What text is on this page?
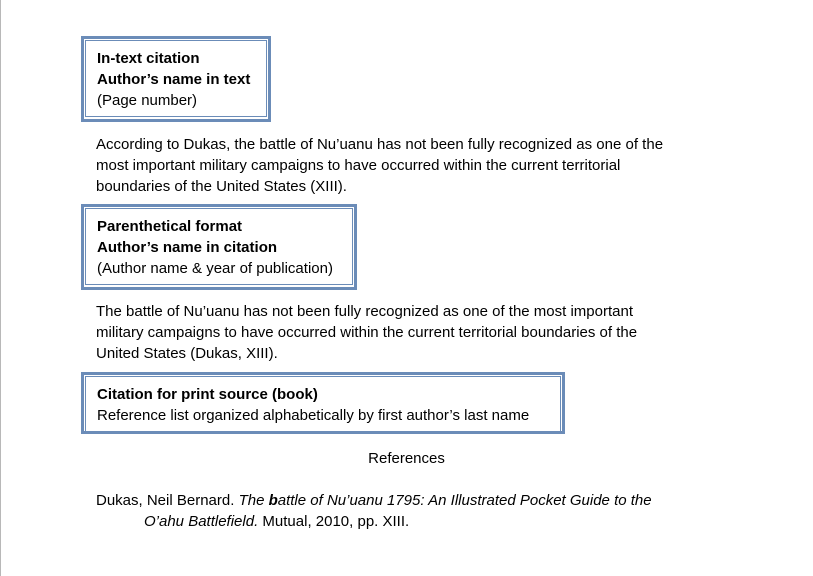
In-text citation
Author’s name in text
(Page number)
According to Dukas, the battle of Nu’uanu has not been fully recognized as one of the
most important military campaigns to have occurred within the current territorial
boundaries of the United States (XIII).
Parenthetical format
Author’s name in citation
(Author name & year of publication)
The battle of Nu’uanu has not been fully recognized as one of the most important
military campaigns to have occurred within the current territorial boundaries of the
United States (Dukas, XIII).
Citation for print source (book)
Reference list organized alphabetically by first author’s last name
References
Dukas, Neil Bernard. The battle of Nu’uanu 1795: An Illustrated Pocket Guide to the
O’ahu Battlefield. Mutual, 2010, pp. XIII.
